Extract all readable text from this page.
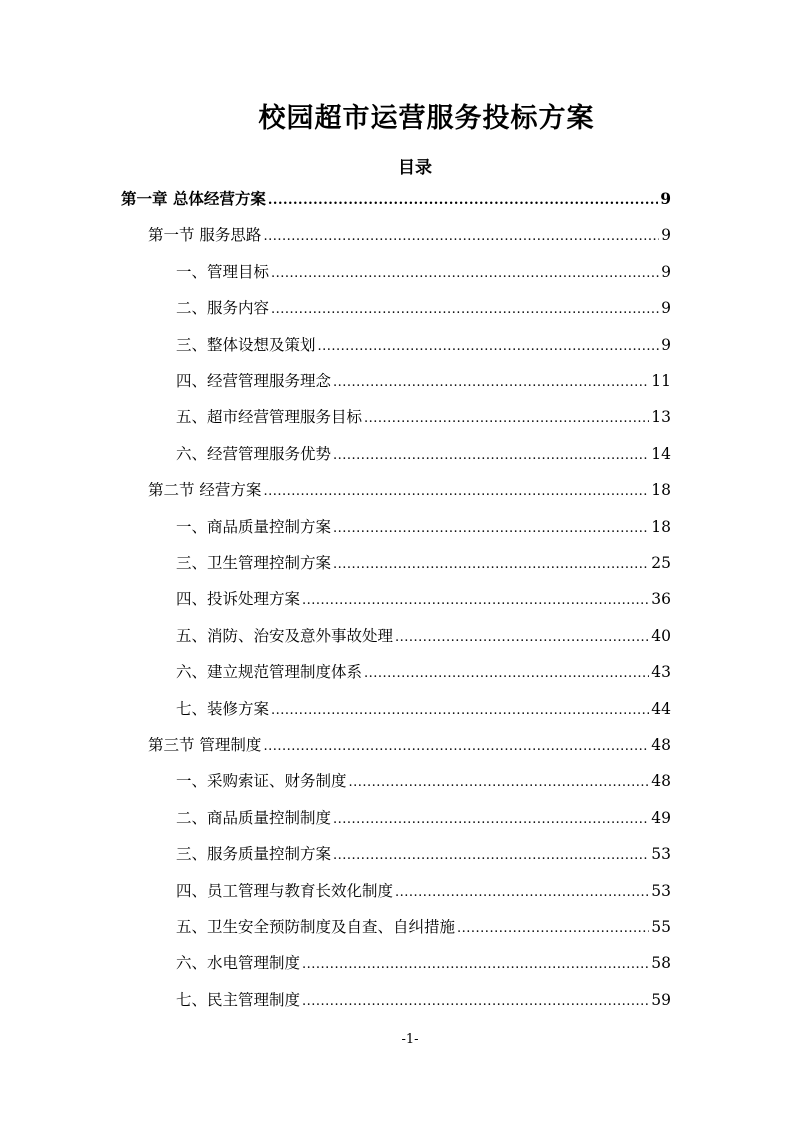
校园超市运营服务投标方案
目录
第一章 总体经营方案 .....	9
第一节 服务思路 .....	9
一、管理目标 .....	9
二、服务内容 .....	9
三、整体设想及策划 .....	9
四、经营管理服务理念 .....	11
五、超市经营管理服务目标 .....	13
六、经营管理服务优势 .....	14
第二节 经营方案 .....	18
一、商品质量控制方案 .....	18
三、卫生管理控制方案 .....	25
四、投诉处理方案 .....	36
五、消防、治安及意外事故处理 .....	40
六、建立规范管理制度体系 .....	43
七、装修方案 .....	44
第三节 管理制度 .....	48
一、采购索证、财务制度 .....	48
二、商品质量控制制度 .....	49
三、服务质量控制方案 .....	53
四、员工管理与教育长效化制度 .....	53
五、卫生安全预防制度及自查、自纠措施 .....	55
六、水电管理制度 .....	58
七、民主管理制度 .....	59
-1-
